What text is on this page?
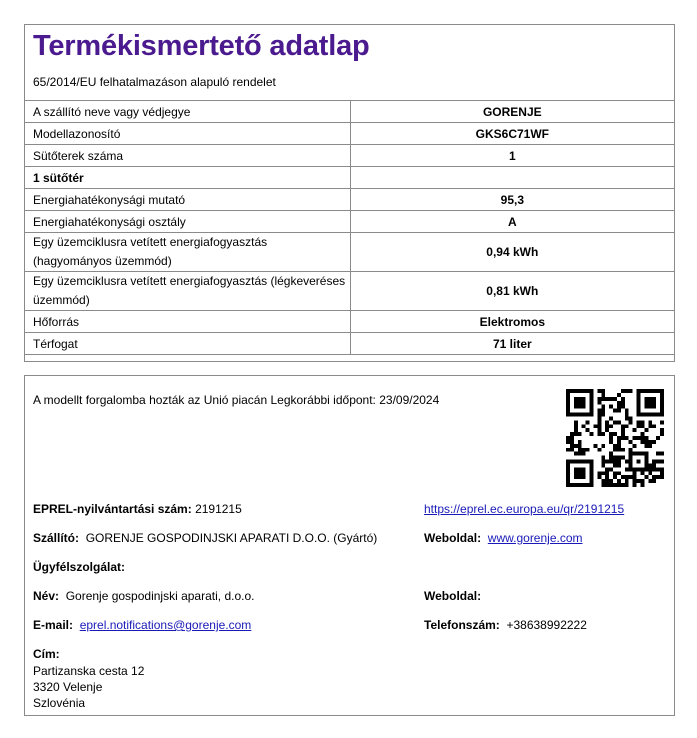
Termékismertető adatlap
65/2014/EU felhatalmazáson alapuló rendelet
A szállító neve vagy védjegye	GORENJE
Modellazonosító	GKS6C71WF
Sütőterek száma	1
1 sütőtér	
Energiahatékonysági mutató	95,3
Energiahatékonysági osztály	A
Egy üzemciklusra vetített energiafogyasztás
(hagyományos üzemmód)	0,94 kWh
Egy üzemciklusra vetített energiafogyasztás (légkeveréses
üzemmód)	0,81 kWh
Hőforrás	Elektromos
Térfogat	71 liter
A modellt forgalomba hozták az Unió piacán Legkorábbi időpont: 23/09/2024
EPREL-nyilvántartási szám: 2191215	https://eprel.ec.europa.eu/qr/2191215
Szállító: GORENJE GOSPODINJSKI APARATI D.O.O. (Gyártó)	Weboldal: www.gorenje.com
Ügyfélszolgálat:
Név: Gorenje gospodinjski aparati, d.o.o.	Weboldal:
E-mail: eprel.notifications@gorenje.com	Telefonszám: +38638992222
Cím:
Partizanska cesta 12
3320 Velenje
Szlovénia
